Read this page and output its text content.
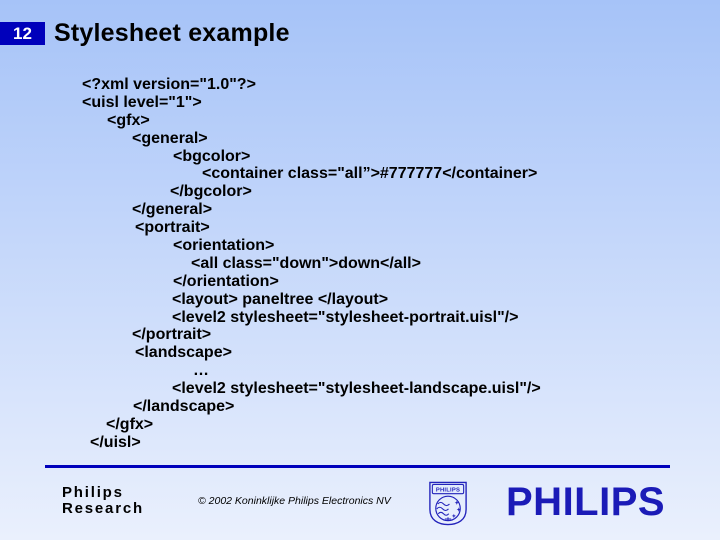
12 Stylesheet example
<?xml version="1.0"?>
<uisl level="1">
<gfx>
<general>
<bgcolor>
<container class="all”>#777777</container>
</bgcolor>
</general>
<portrait>
<orientation>
<all class="down">down</all>
</orientation>
<layout> paneltree </layout>
<level2 stylesheet="stylesheet-portrait.uisl"/>
</portrait>
<landscape>
…
<level2 stylesheet="stylesheet-landscape.uisl"/>
</landscape>
</gfx>
</uisl>
Philips
Research	© 2002 Koninklijke Philips Electronics NV
PHILIPS PHILIPS
